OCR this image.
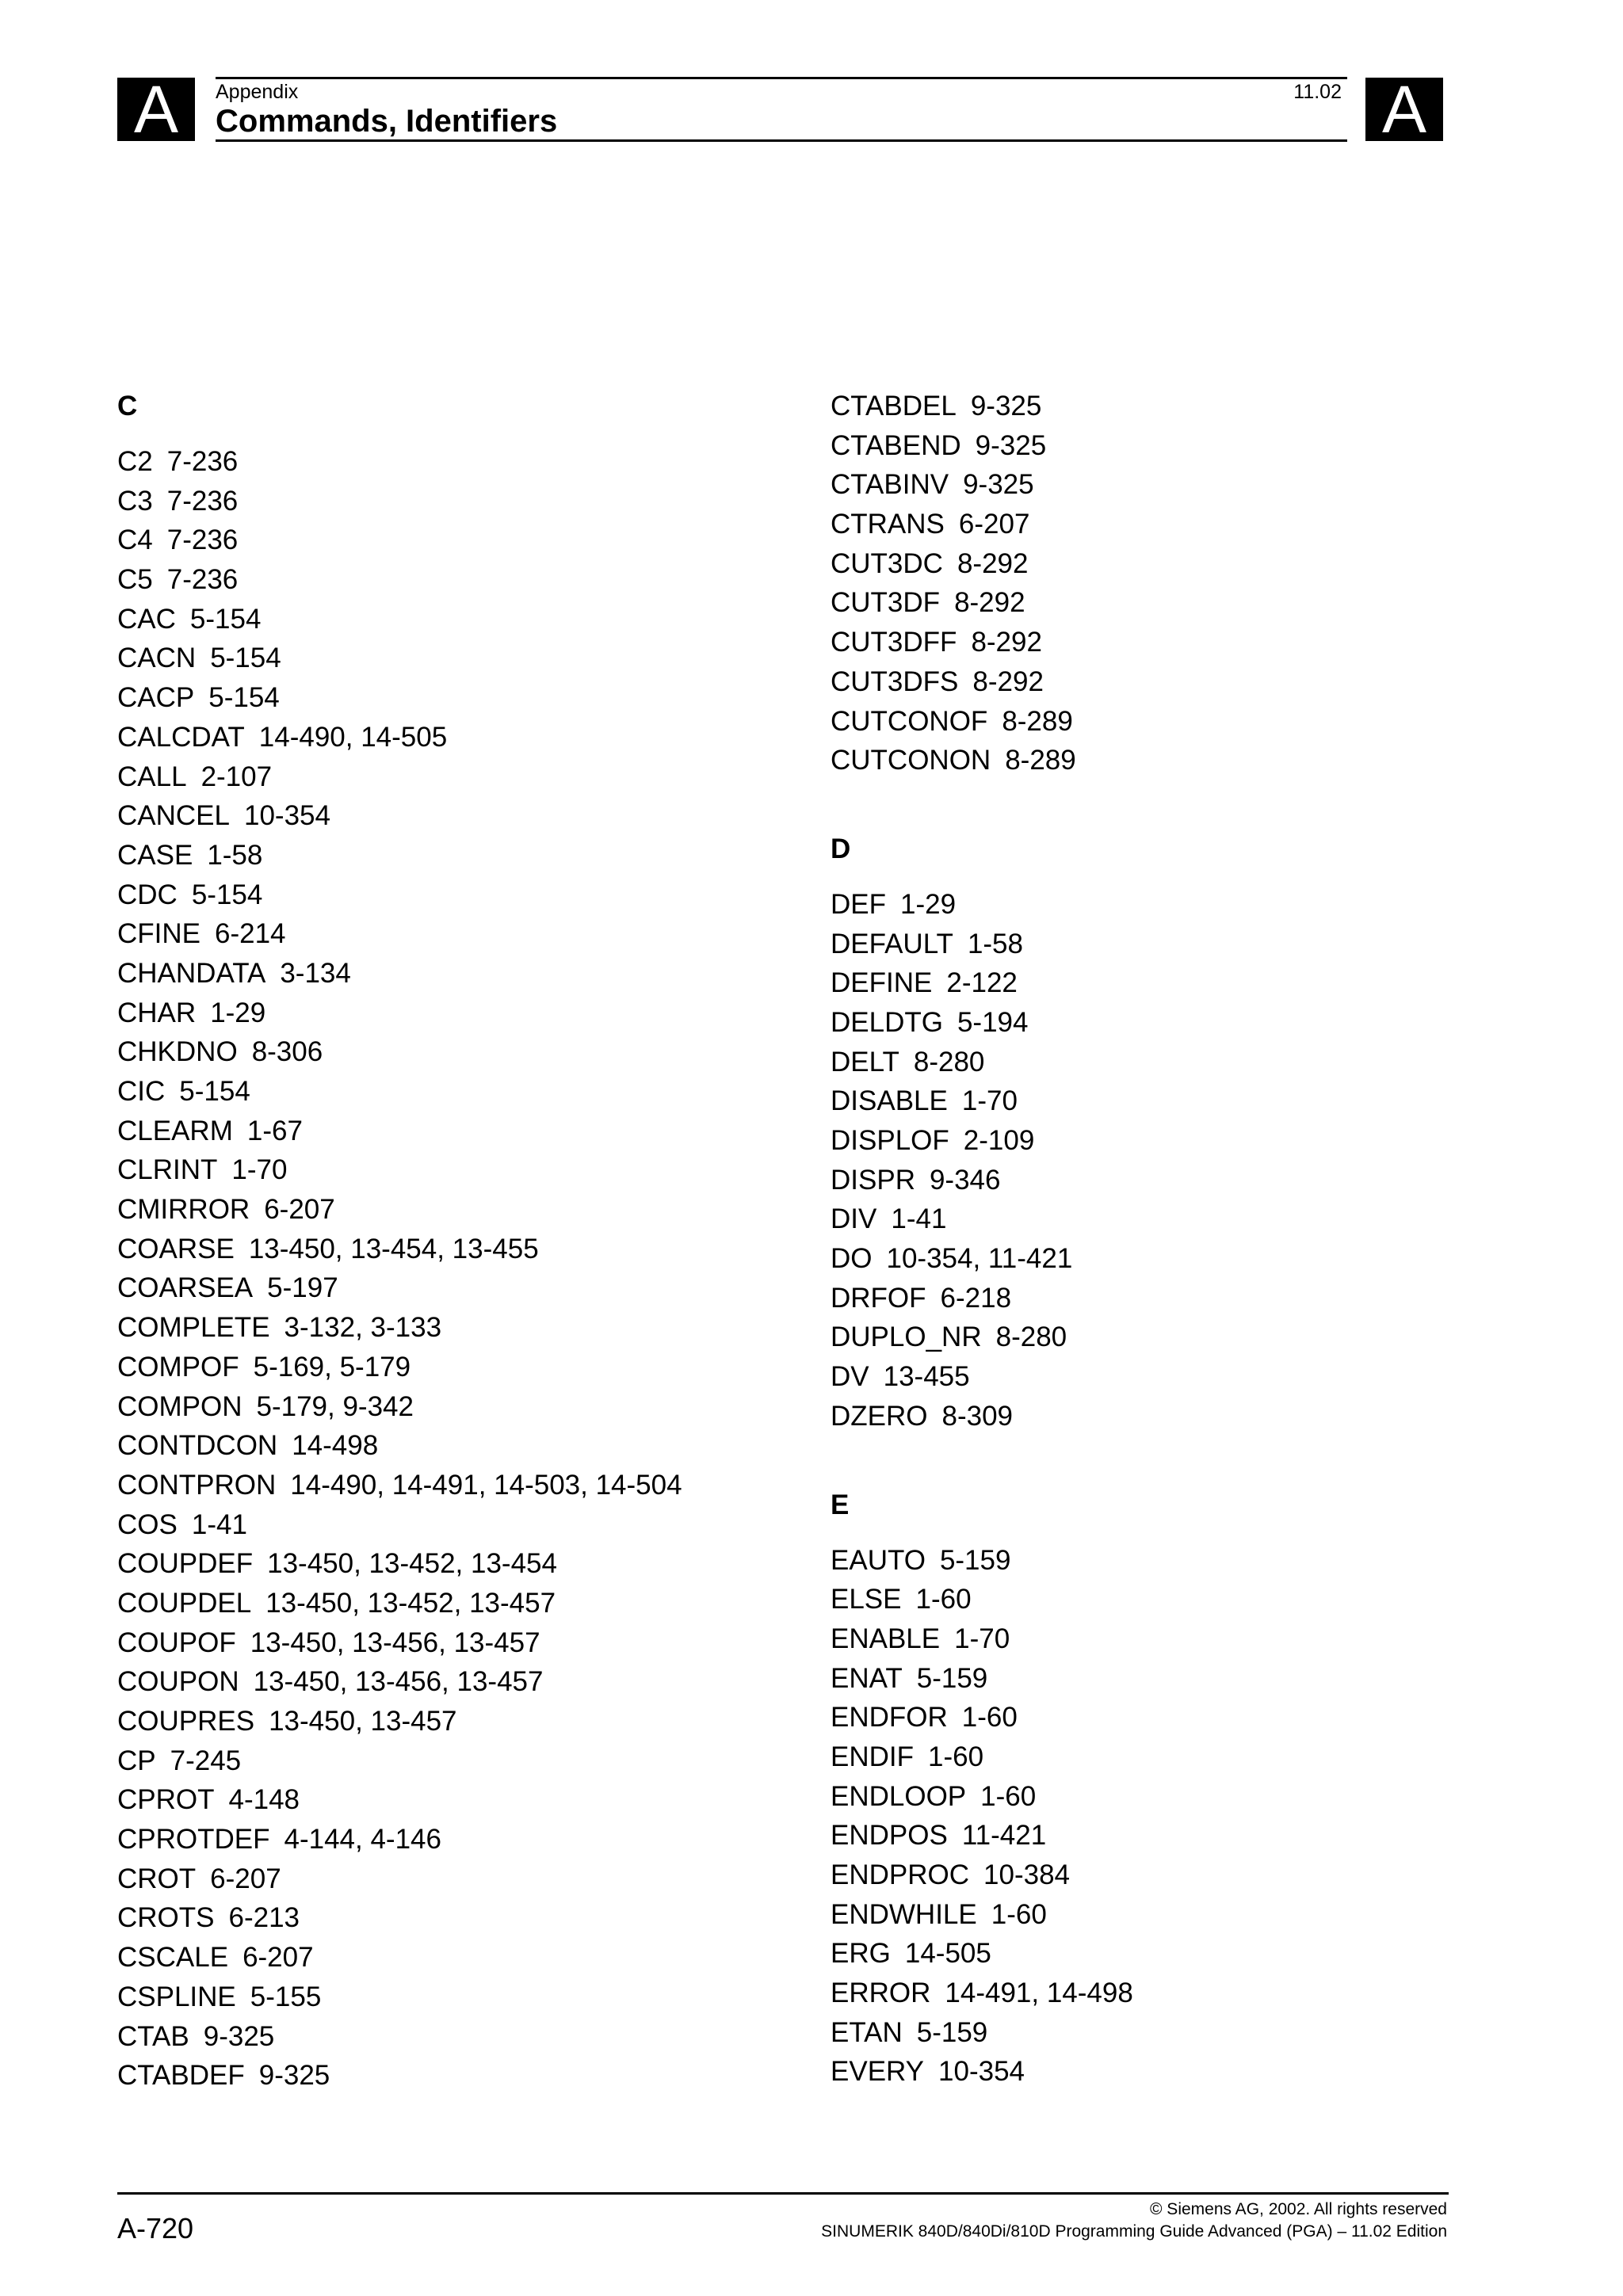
A	A
Appendix	11.02
Commands, Identifiers
C
C2 7-236
C3 7-236
C4 7-236
C5 7-236
CAC 5-154
CACN 5-154
CACP 5-154
CALCDAT 14-490, 14-505
CALL 2-107
CANCEL 10-354
CASE 1-58
CDC 5-154
CFINE 6-214
CHANDATA 3-134
CHAR 1-29
CHKDNO 8-306
CIC 5-154
CLEARM 1-67
CLRINT 1-70
CMIRROR 6-207
COARSE 13-450, 13-454, 13-455
COARSEA 5-197
COMPLETE 3-132, 3-133
COMPOF 5-169, 5-179
COMPON 5-179, 9-342
CONTDCON 14-498
CONTPRON 14-490, 14-491, 14-503, 14-504
COS 1-41
COUPDEF 13-450, 13-452, 13-454
COUPDEL 13-450, 13-452, 13-457
COUPOF 13-450, 13-456, 13-457
COUPON 13-450, 13-456, 13-457
COUPRES 13-450, 13-457
CP 7-245
CPROT 4-148
CPROTDEF 4-144, 4-146
CROT 6-207
CROTS 6-213
CSCALE 6-207
CSPLINE 5-155
CTAB 9-325
CTABDEF 9-325
CTABDEL 9-325
CTABEND 9-325
CTABINV 9-325
CTRANS 6-207
CUT3DC 8-292
CUT3DF 8-292
CUT3DFF 8-292
CUT3DFS 8-292
CUTCONOF 8-289
CUTCONON 8-289
D
DEF 1-29
DEFAULT 1-58
DEFINE 2-122
DELDTG 5-194
DELT 8-280
DISABLE 1-70
DISPLOF 2-109
DISPR 9-346
DIV 1-41
DO 10-354, 11-421
DRFOF 6-218
DUPLO_NR 8-280
DV 13-455
DZERO 8-309
E
EAUTO 5-159
ELSE 1-60
ENABLE 1-70
ENAT 5-159
ENDFOR 1-60
ENDIF 1-60
ENDLOOP 1-60
ENDPOS 11-421
ENDPROC 10-384
ENDWHILE 1-60
ERG 14-505
ERROR 14-491, 14-498
ETAN 5-159
EVERY 10-354
A-720
© Siemens AG, 2002. All rights reserved
SINUMERIK 840D/840Di/810D Programming Guide Advanced (PGA) – 11.02 Edition
